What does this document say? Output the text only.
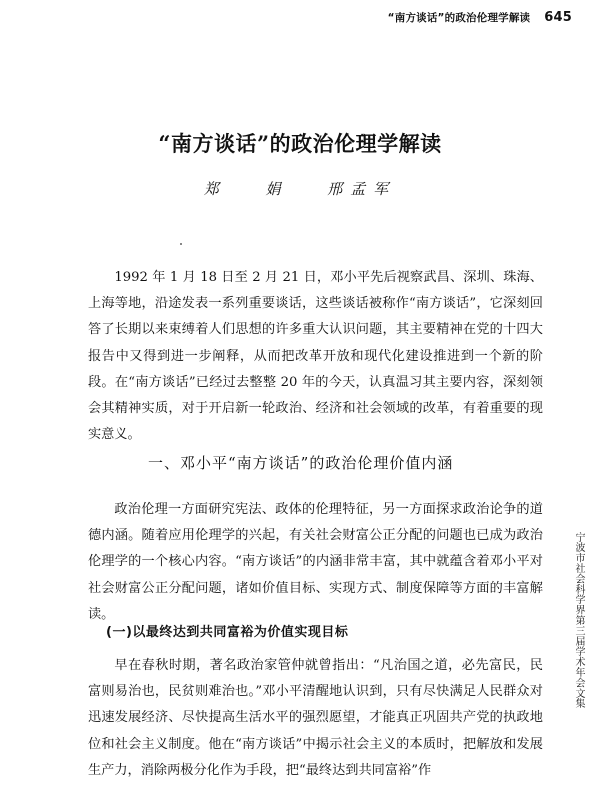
“南方谈话”的政治伦理学解读 645
“南方谈话”的政治伦理学解读
郑 娟 邢孟军

1992 年 1 月 18 日至 2 月 21 日，邓小平先后视察武昌、深圳、珠海、上海等地，沿途发表一系列重要谈话，这些谈话被称作“南方谈话”，它深刻回答了长期以来束缚着人们思想的许多重大认识问题，其主要精神在党的十四大报告中又得到进一步阐释，从而把改革开放和现代化建设推进到一个新的阶段。在“南方谈话”已经过去整整 20 年的今天，认真温习其主要内容，深刻领会其精神实质，对于开启新一轮政治、经济和社会领域的改革，有着重要的现实意义。

一、邓小平“南方谈话”的政治伦理价值内涵

政治伦理一方面研究宪法、政体的伦理特征，另一方面探求政治论争的道德内涵。随着应用伦理学的兴起，有关社会财富公正分配的问题也已成为政治伦理学的一个核心内容。“南方谈话”的内涵非常丰富，其中就蕴含着邓小平对社会财富公正分配问题，诸如价值目标、实现方式、制度保障等方面的丰富解读。

(一)以最终达到共同富裕为价值实现目标

早在春秋时期，著名政治家管仲就曾指出：“凡治国之道，必先富民，民富则易治也，民贫则难治也。”邓小平清醒地认识到，只有尽快满足人民群众对迅速发展经济、尽快提高生活水平的强烈愿望，才能真正巩固共产党的执政地位和社会主义制度。他在“南方谈话”中揭示社会主义的本质时，把解放和发展生产力，消除两极分化作为手段，把“最终达到共同富裕”作

宁波市社会科学界第三届学术年会文集
